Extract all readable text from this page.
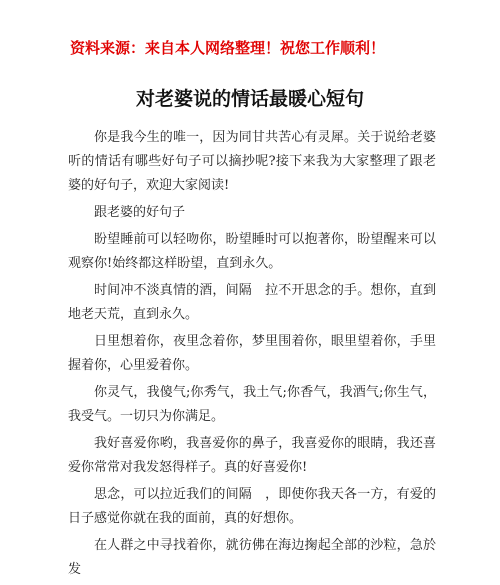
资料来源：来自本人网络整理！祝您工作顺利！
对老婆说的情话最暖心短句

你是我今生的唯一，因为同甘共苦心有灵犀。关于说给老婆听的情话有哪些好句子可以摘抄呢?接下来我为大家整理了跟老婆的好句子，欢迎大家阅读!

跟老婆的好句子

盼望睡前可以轻吻你，盼望睡时可以抱著你，盼望醒来可以观察你!始终都这样盼望，直到永久。

时间冲不淡真情的酒，间隔　拉不开思念的手。想你，直到地老天荒，直到永久。

日里想着你，夜里念着你，梦里围着你，眼里望着你，手里握着你，心里爱着你。

你灵气，我傻气;你秀气，我土气;你香气，我酒气;你生气，我受气。一切只为你满足。

我好喜爱你哟，我喜爱你的鼻子，我喜爱你的眼睛，我还喜爱你常常对我发怒得样子。真的好喜爱你!

思念，可以拉近我们的间隔　，即使你我天各一方，有爱的日子感觉你就在我的面前，真的好想你。

在人群之中寻找着你，就彷佛在海边掬起全部的沙粒，急於发
